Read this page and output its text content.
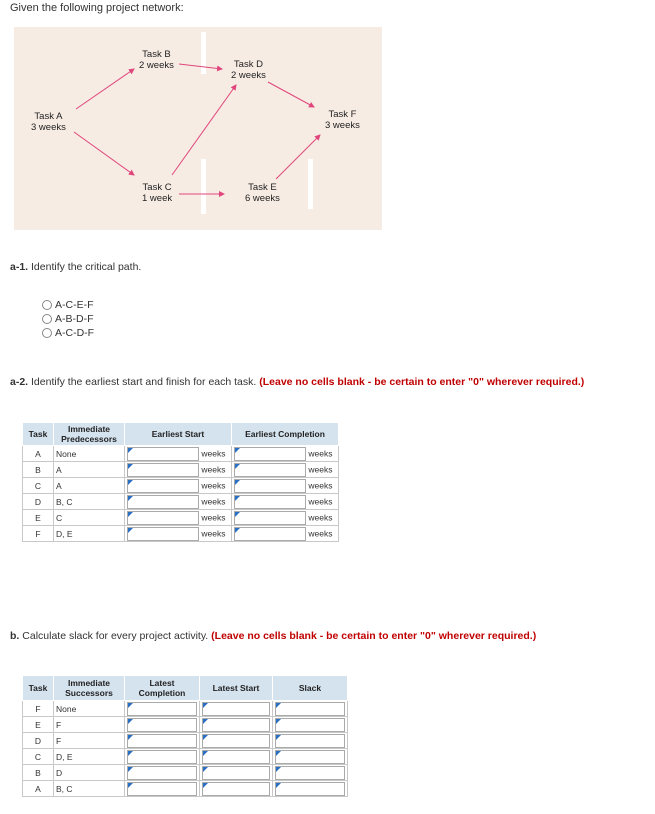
Given the following project network:
Task A
3 weeks
Task B
2 weeks
Task C
1 week
Task D
2 weeks
Task E
6 weeks
Task F
3 weeks
a-1. Identify the critical path.
A-C-E-F
A-B-D-F
A-C-D-F
a-2. Identify the earliest start and finish for each task. (Leave no cells blank - be certain to enter "0" wherever required.)
Task	Immediate Predecessors	Earliest Start	Earliest Completion
A	None	weeks	weeks
B	A	weeks	weeks
C	A	weeks	weeks
D	B, C	weeks	weeks
E	C	weeks	weeks
F	D, E	weeks	weeks
b. Calculate slack for every project activity. (Leave no cells blank - be certain to enter "0" wherever required.)
Task	Immediate Successors	Latest Completion	Latest Start	Slack
F	None	

E	F	

D	F	

C	D, E	

B	D	

A	B, C	
